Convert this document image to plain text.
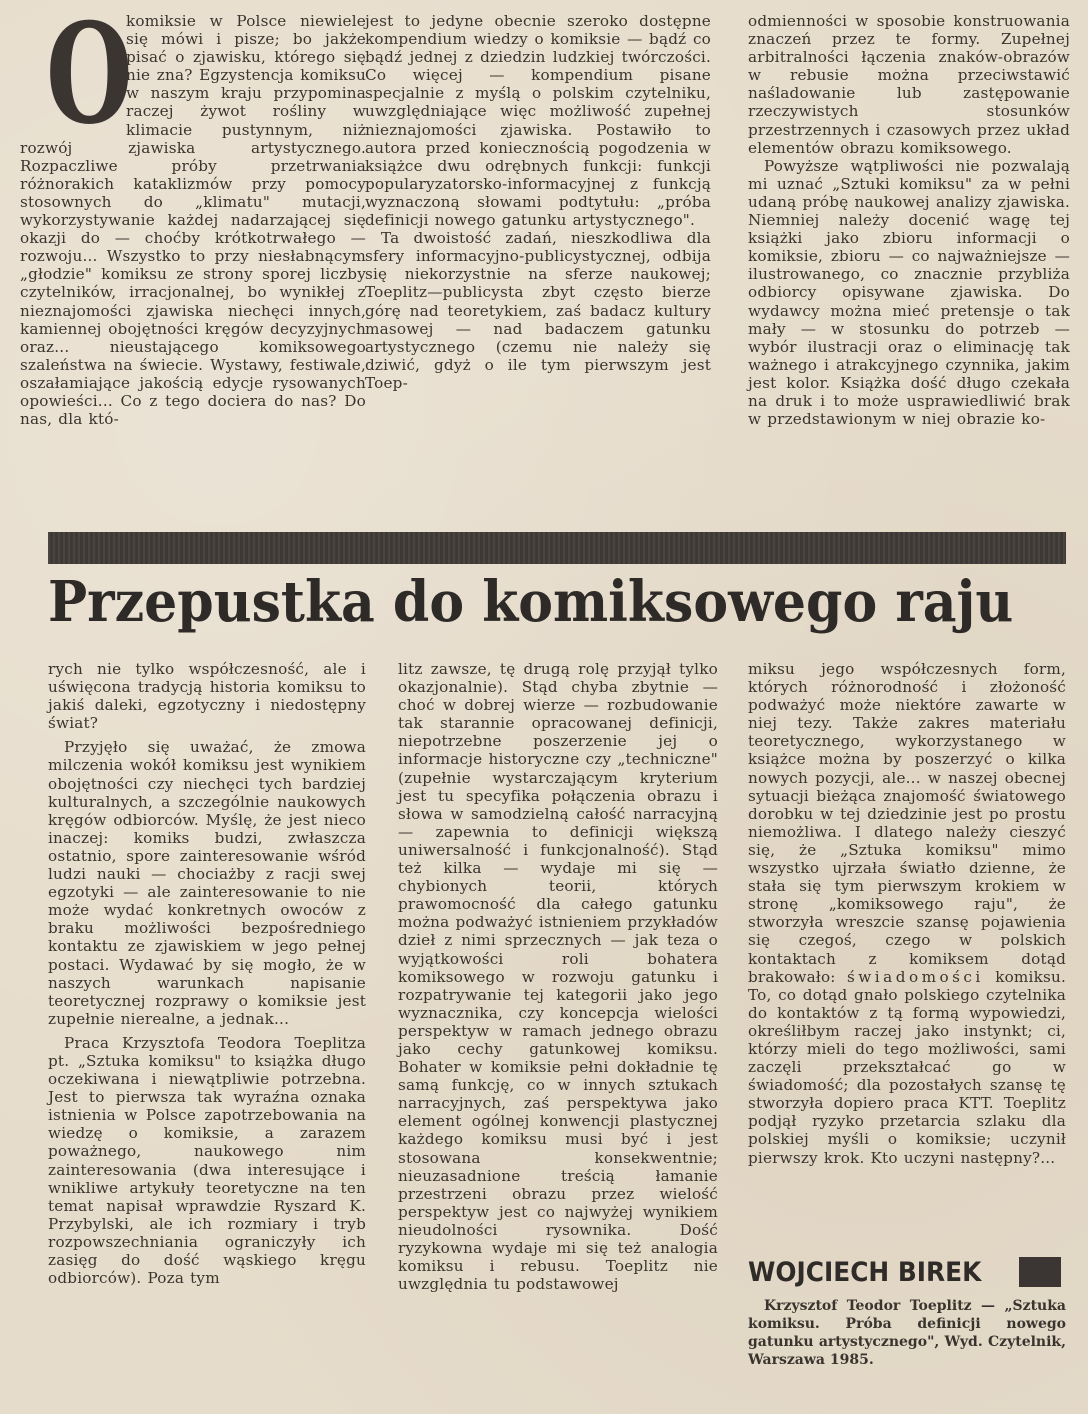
O

komiksie w Polsce niewiele się mówi i pisze; bo jakże pisać o zjawisku, którego się nie zna? Egzystencja komiksu w naszym kraju przypomina raczej żywot rośliny w klimacie pustynnym, niż rozwój zjawiska artystycznego. Rozpaczliwe próby przetrwania różnorakich kataklizmów przy pomocy stosownych do „klimatu" mutacji, wykorzystywanie każdej nadarzającej się okazji do — choćby krótkotrwałego — rozwoju... Wszystko to przy niesłabnącym „głodzie" komiksu ze strony sporej liczby czytelników, irracjonalnej, bo wynikłej z nieznajomości zjawiska niechęci innych, kamiennej obojętności kręgów decyzyjnych oraz... nieustającego komiksowego szaleństwa na świecie. Wystawy, festiwale, oszałamiające jakością edycje rysowanych opowieści... Co z tego dociera do nas? Do nas, dla któ-

jest to jedyne obecnie szeroko dostępne kompendium wiedzy o komiksie — bądź co bądź jednej z dziedzin ludzkiej twórczości. Co więcej — kompendium pisane specjalnie z myślą o polskim czytelniku, uwzględniające więc możliwość zupełnej nieznajomości zjawiska. Postawiło to autora przed koniecznością pogodzenia w książce dwu odrębnych funkcji: funkcji popularyzatorsko-informacyjnej z funkcją wyznaczoną słowami podtytułu: „próba definicji nowego gatunku artystycznego".

Ta dwoistość zadań, nieszkodliwa dla sfery informacyjno-publicystycznej, odbija się niekorzystnie na sferze naukowej; Toeplitz—publicysta zbyt często bierze górę nad teoretykiem, zaś badacz kultury masowej — nad badaczem gatunku artystycznego (czemu nie należy się dziwić, gdyż o ile tym pierwszym jest Toep-

odmienności w sposobie konstruowania znaczeń przez te formy. Zupełnej arbitralności łączenia znaków-obrazów w rebusie można przeciwstawić naśladowanie lub zastępowanie rzeczywistych stosunków przestrzennych i czasowych przez układ elementów obrazu komiksowego.

Powyższe wątpliwości nie pozwalają mi uznać „Sztuki komiksu" za w pełni udaną próbę naukowej analizy zjawiska. Niemniej należy docenić wagę tej książki jako zbioru informacji o komiksie, zbioru — co najważniejsze — ilustrowanego, co znacznie przybliża odbiorcy opisywane zjawiska. Do wydawcy można mieć pretensje o tak mały — w stosunku do potrzeb — wybór ilustracji oraz o eliminację tak ważnego i atrakcyjnego czynnika, jakim jest kolor. Książka dość długo czekała na druk i to może usprawiedliwić brak w przedstawionym w niej obrazie ko-

Przepustka do komiksowego raju

rych nie tylko współczesność, ale i uświęcona tradycją historia komiksu to jakiś daleki, egzotyczny i niedostępny świat?

Przyjęło się uważać, że zmowa milczenia wokół komiksu jest wynikiem obojętności czy niechęci tych bardziej kulturalnych, a szczególnie naukowych kręgów odbiorców. Myślę, że jest nieco inaczej: komiks budzi, zwłaszcza ostatnio, spore zainteresowanie wśród ludzi nauki — chociażby z racji swej egzotyki — ale zainteresowanie to nie może wydać konkretnych owoców z braku możliwości bezpośredniego kontaktu ze zjawiskiem w jego pełnej postaci. Wydawać by się mogło, że w naszych warunkach napisanie teoretycznej rozprawy o komiksie jest zupełnie nierealne, a jednak...

Praca Krzysztofa Teodora Toeplitza pt. „Sztuka komiksu" to książka długo oczekiwana i niewątpliwie potrzebna. Jest to pierwsza tak wyraźna oznaka istnienia w Polsce zapotrzebowania na wiedzę o komiksie, a zarazem poważnego, naukowego nim zainteresowania (dwa interesujące i wnikliwe artykuły teoretyczne na ten temat napisał wprawdzie Ryszard K. Przybylski, ale ich rozmiary i tryb rozpowszechniania ograniczyły ich zasięg do dość wąskiego kręgu odbiorców). Poza tym

litz zawsze, tę drugą rolę przyjął tylko okazjonalnie). Stąd chyba zbytnie — choć w dobrej wierze — rozbudowanie tak starannie opracowanej definicji, niepotrzebne poszerzenie jej o informacje historyczne czy „techniczne" (zupełnie wystarczającym kryterium jest tu specyfika połączenia obrazu i słowa w samodzielną całość narracyjną — zapewnia to definicji większą uniwersalność i funkcjonalność). Stąd też kilka — wydaje mi się — chybionych teorii, których prawomocność dla całego gatunku można podważyć istnieniem przykładów dzieł z nimi sprzecznych — jak teza o wyjątkowości roli bohatera komiksowego w rozwoju gatunku i rozpatrywanie tej kategorii jako jego wyznacznika, czy koncepcja wielości perspektyw w ramach jednego obrazu jako cechy gatunkowej komiksu. Bohater w komiksie pełni dokładnie tę samą funkcję, co w innych sztukach narracyjnych, zaś perspektywa jako element ogólnej konwencji plastycznej każdego komiksu musi być i jest stosowana konsekwentnie; nieuzasadnione treścią łamanie przestrzeni obrazu przez wielość perspektyw jest co najwyżej wynikiem nieudolności rysownika. Dość ryzykowna wydaje mi się też analogia komiksu i rebusu. Toeplitz nie uwzględnia tu podstawowej

miksu jego współczesnych form, których różnorodność i złożoność podważyć może niektóre zawarte w niej tezy. Także zakres materiału teoretycznego, wykorzystanego w książce można by poszerzyć o kilka nowych pozycji, ale... w naszej obecnej sytuacji bieżąca znajomość światowego dorobku w tej dziedzinie jest po prostu niemożliwa. I dlatego należy cieszyć się, że „Sztuka komiksu" mimo wszystko ujrzała światło dzienne, że stała się tym pierwszym krokiem w stronę „komiksowego raju", że stworzyła wreszcie szansę pojawienia się czegoś, czego w polskich kontaktach z komiksem dotąd brakowało: świadomości komiksu. To, co dotąd gnało polskiego czytelnika do kontaktów z tą formą wypowiedzi, określiłbym raczej jako instynkt; ci, którzy mieli do tego możliwości, sami zaczęli przekształcać go w świadomość; dla pozostałych szansę tę stworzyła dopiero praca KTT. Toeplitz podjął ryzyko przetarcia szlaku dla polskiej myśli o komiksie; uczynił pierwszy krok. Kto uczyni następny?...

WOJCIECH BIREK

Krzysztof Teodor Toeplitz — „Sztuka komiksu. Próba definicji nowego gatunku artystycznego", Wyd. Czytelnik, Warszawa 1985.
